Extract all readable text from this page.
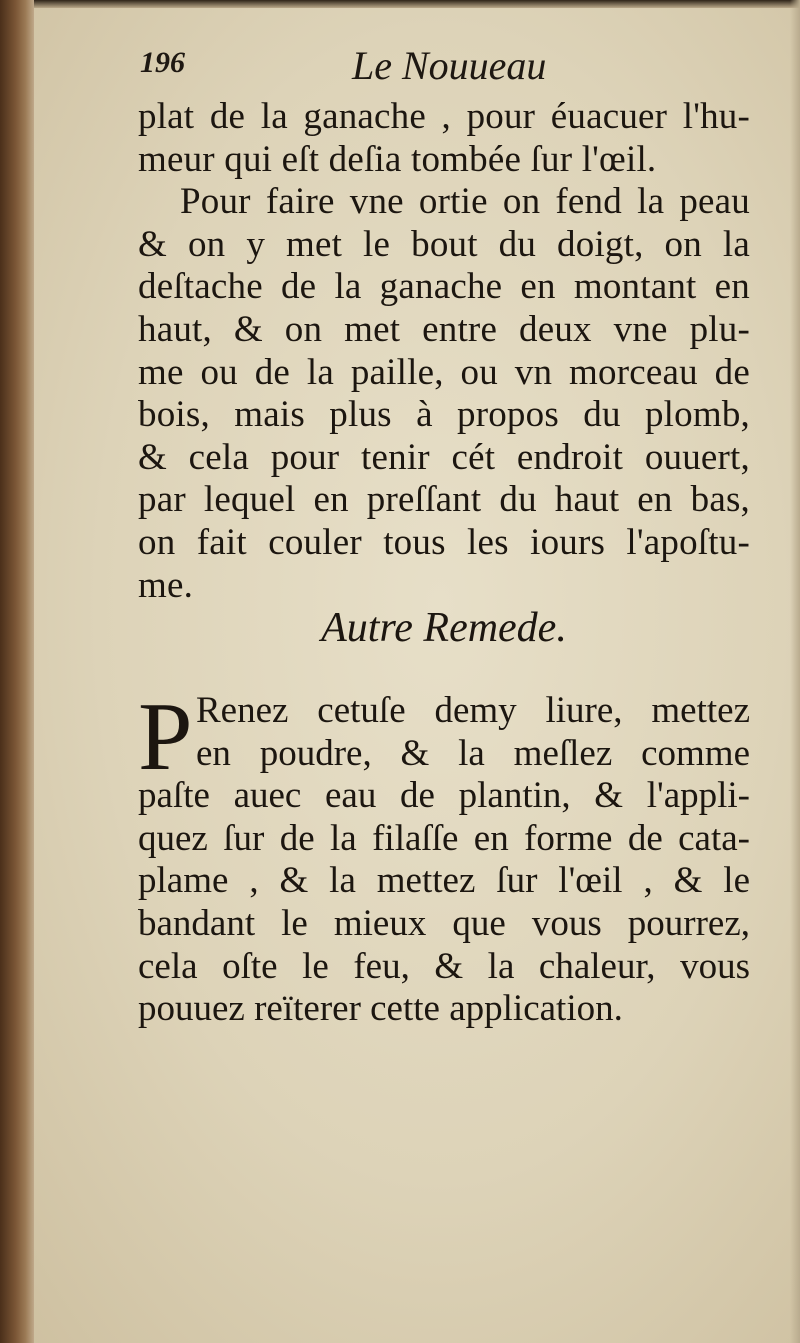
196	Le Nouueau
plat de la ganache , pour éuacuer l'hu-
meur qui eſt deſia tombée ſur l'œil.
Pour faire vne ortie on fend la peau
& on y met le bout du doigt, on la
deſtache de la ganache en montant en
haut, & on met entre deux vne plu-
me ou de la paille, ou vn morceau de
bois, mais plus à propos du plomb,
& cela pour tenir cét endroit ouuert,
par lequel en preſſant du haut en bas,
on fait couler tous les iours l'apoſtu-
me.
Autre Remede.
P Renez cetuſe demy liure, mettez
en poudre, & la meſlez comme
paſte auec eau de plantin, & l'appli-
quez ſur de la filaſſe en forme de cata-
plame , & la mettez ſur l'œil , & le
bandant le mieux que vous pourrez,
cela oſte le feu, & la chaleur, vous
pouuez reïterer cette application.
